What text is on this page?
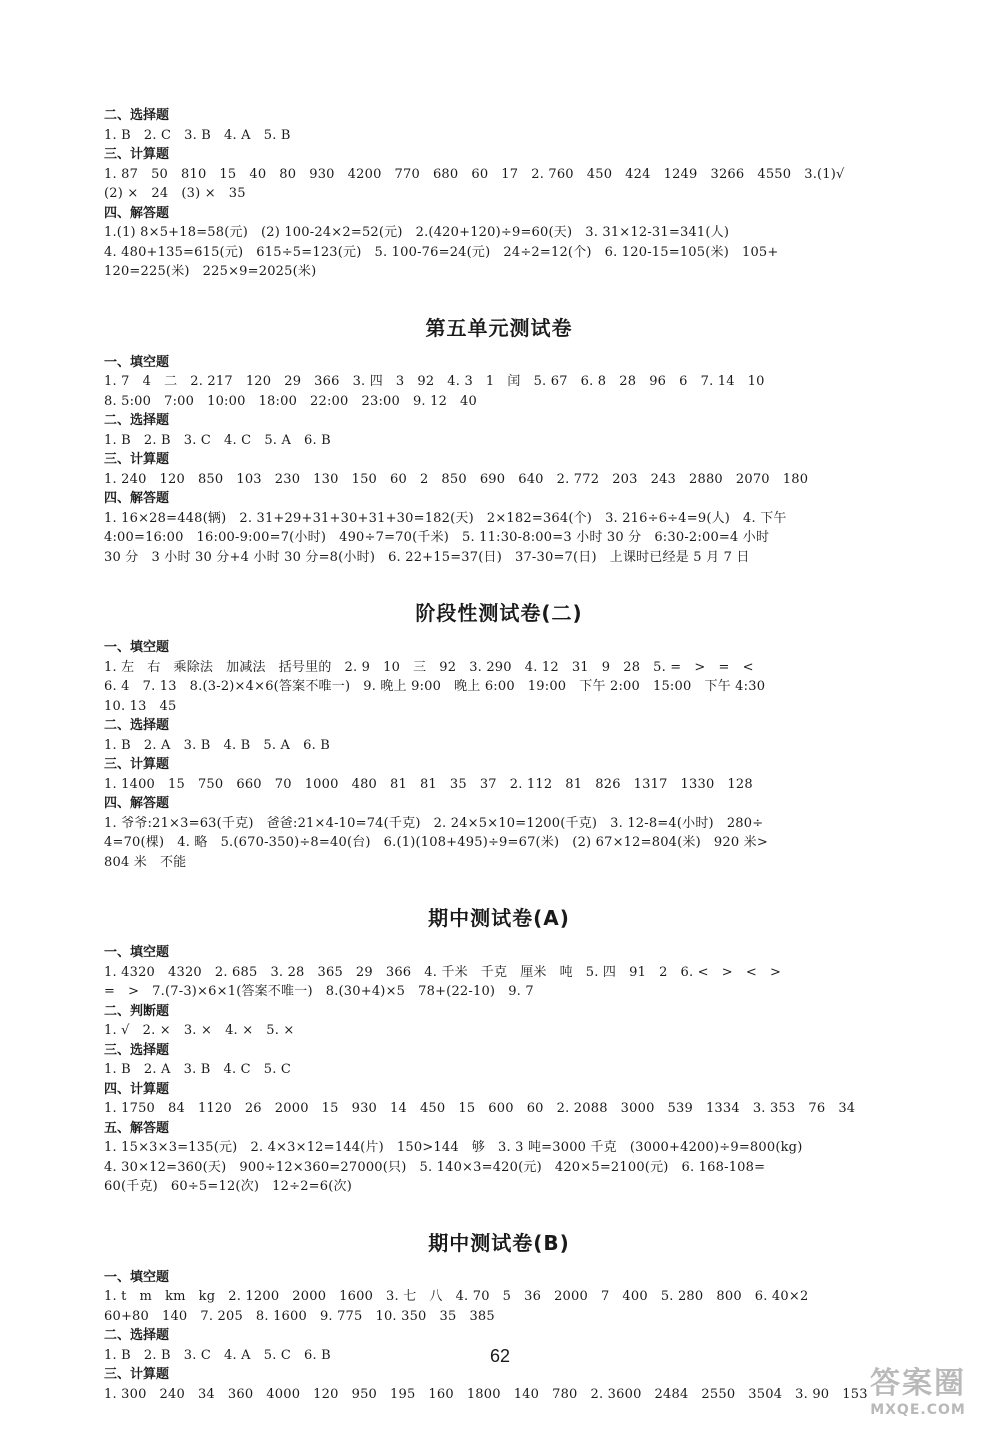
二、选择题
1. B   2. C   3. B   4. A   5. B
三、计算题
1. 87   50   810   15   40   80   930   4200   770   680   60   17   2. 760   450   424   1249   3266   4550   3.(1)√
(2) ×   24   (3) ×   35
四、解答题
1.(1) 8×5+18=58(元)   (2) 100-24×2=52(元)   2.(420+120)÷9=60(天)   3. 31×12-31=341(人)
4. 480+135=615(元)   615÷5=123(元)   5. 100-76=24(元)   24÷2=12(个)   6. 120-15=105(米)   105+
120=225(米)   225×9=2025(米)
第五单元测试卷
一、填空题
1. 7   4   二   2. 217   120   29   366   3. 四   3   92   4. 3   1   闰   5. 67   6. 8   28   96   6   7. 14   10
8. 5:00   7:00   10:00   18:00   22:00   23:00   9. 12   40
二、选择题
1. B   2. B   3. C   4. C   5. A   6. B
三、计算题
1. 240   120   850   103   230   130   150   60   2   850   690   640   2. 772   203   243   2880   2070   180
四、解答题
1. 16×28=448(辆)   2. 31+29+31+30+31+30=182(天)   2×182=364(个)   3. 216÷6÷4=9(人)   4. 下午
4:00=16:00   16:00-9:00=7(小时)   490÷7=70(千米)   5. 11:30-8:00=3 小时 30 分   6:30-2:00=4 小时
30 分   3 小时 30 分+4 小时 30 分=8(小时)   6. 22+15=37(日)   37-30=7(日)   上课时已经是 5 月 7 日
阶段性测试卷(二)
一、填空题
1. 左   右   乘除法   加减法   括号里的   2. 9   10   三   92   3. 290   4. 12   31   9   28   5. =   >   =   <
6. 4   7. 13   8.(3-2)×4×6(答案不唯一)   9. 晚上 9:00   晚上 6:00   19:00   下午 2:00   15:00   下午 4:30
10. 13   45
二、选择题
1. B   2. A   3. B   4. B   5. A   6. B
三、计算题
1. 1400   15   750   660   70   1000   480   81   81   35   37   2. 112   81   826   1317   1330   128
四、解答题
1. 爷爷:21×3=63(千克)   爸爸:21×4-10=74(千克)   2. 24×5×10=1200(千克)   3. 12-8=4(小时)   280÷
4=70(棵)   4. 略   5.(670-350)÷8=40(台)   6.(1)(108+495)÷9=67(米)   (2) 67×12=804(米)   920 米>
804 米   不能
期中测试卷(A)
一、填空题
1. 4320   4320   2. 685   3. 28   365   29   366   4. 千米   千克   厘米   吨   5. 四   91   2   6. <   >   <   >
=   >   7.(7-3)×6×1(答案不唯一)   8.(30+4)×5   78+(22-10)   9. 7
二、判断题
1. √   2. ×   3. ×   4. ×   5. ×
三、选择题
1. B   2. A   3. B   4. C   5. C
四、计算题
1. 1750   84   1120   26   2000   15   930   14   450   15   600   60   2. 2088   3000   539   1334   3. 353   76   34
五、解答题
1. 15×3×3=135(元)   2. 4×3×12=144(片)   150>144   够   3. 3 吨=3000 千克   (3000+4200)÷9=800(kg)
4. 30×12=360(天)   900÷12×360=27000(只)   5. 140×3=420(元)   420×5=2100(元)   6. 168-108=
60(千克)   60÷5=12(次)   12÷2=6(次)
期中测试卷(B)
一、填空题
1. t   m   km   kg   2. 1200   2000   1600   3. 七   八   4. 70   5   36   2000   7   400   5. 280   800   6. 40×2
60+80   140   7. 205   8. 1600   9. 775   10. 350   35   385
二、选择题
1. B   2. B   3. C   4. A   5. C   6. B
三、计算题
1. 300   240   34   360   4000   120   950   195   160   1800   140   780   2. 3600   2484   2550   3504   3. 90   153
62
答案圈
MXQE.COM
